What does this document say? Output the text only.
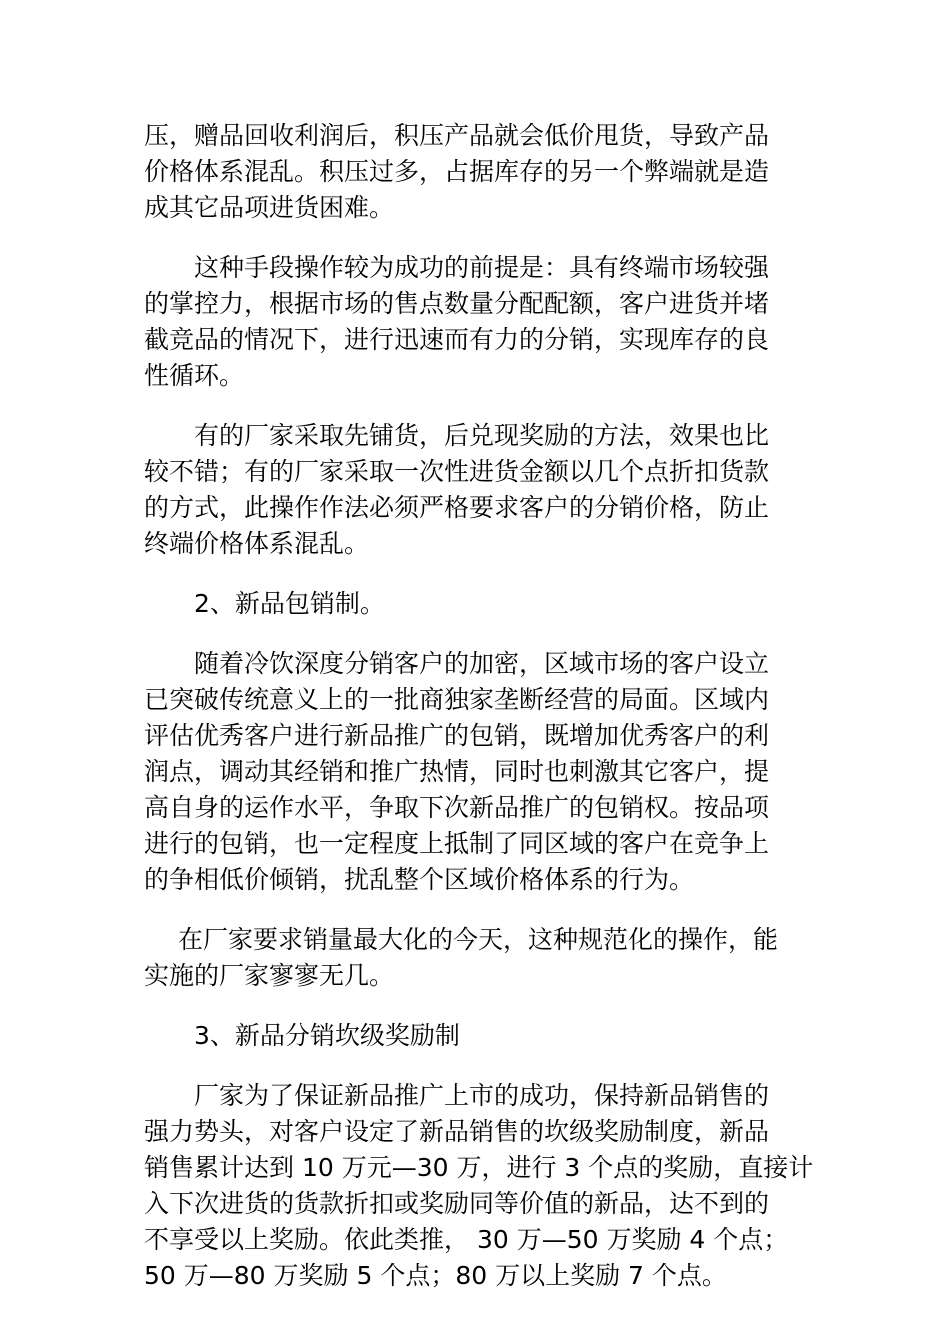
压，赠品回收利润后，积压产品就会低价甩货，导致产品
价格体系混乱。积压过多，占据库存的另一个弊端就是造
成其它品项进货困难。

这种手段操作较为成功的前提是：具有终端市场较强
的掌控力，根据市场的售点数量分配配额，客户进货并堵
截竞品的情况下，进行迅速而有力的分销，实现库存的良
性循环。

有的厂家采取先铺货，后兑现奖励的方法，效果也比
较不错；有的厂家采取一次性进货金额以几个点折扣货款
的方式，此操作作法必须严格要求客户的分销价格，防止
终端价格体系混乱。

2、新品包销制。

随着冷饮深度分销客户的加密，区域市场的客户设立
已突破传统意义上的一批商独家垄断经营的局面。区域内
评估优秀客户进行新品推广的包销，既增加优秀客户的利
润点，调动其经销和推广热情，同时也刺激其它客户，提
高自身的运作水平，争取下次新品推广的包销权。按品项
进行的包销，也一定程度上抵制了同区域的客户在竞争上
的争相低价倾销，扰乱整个区域价格体系的行为。

在厂家要求销量最大化的今天，这种规范化的操作，能
实施的厂家寥寥无几。

3、新品分销坎级奖励制

厂家为了保证新品推广上市的成功，保持新品销售的
强力势头，对客户设定了新品销售的坎级奖励制度，新品
销售累计达到 10 万元—30 万，进行 3 个点的奖励，直接计
入下次进货的货款折扣或奖励同等价值的新品，达不到的
不享受以上奖励。依此类推， 30 万—50 万奖励 4 个点；
50 万—80 万奖励 5 个点；80 万以上奖励 7 个点。
